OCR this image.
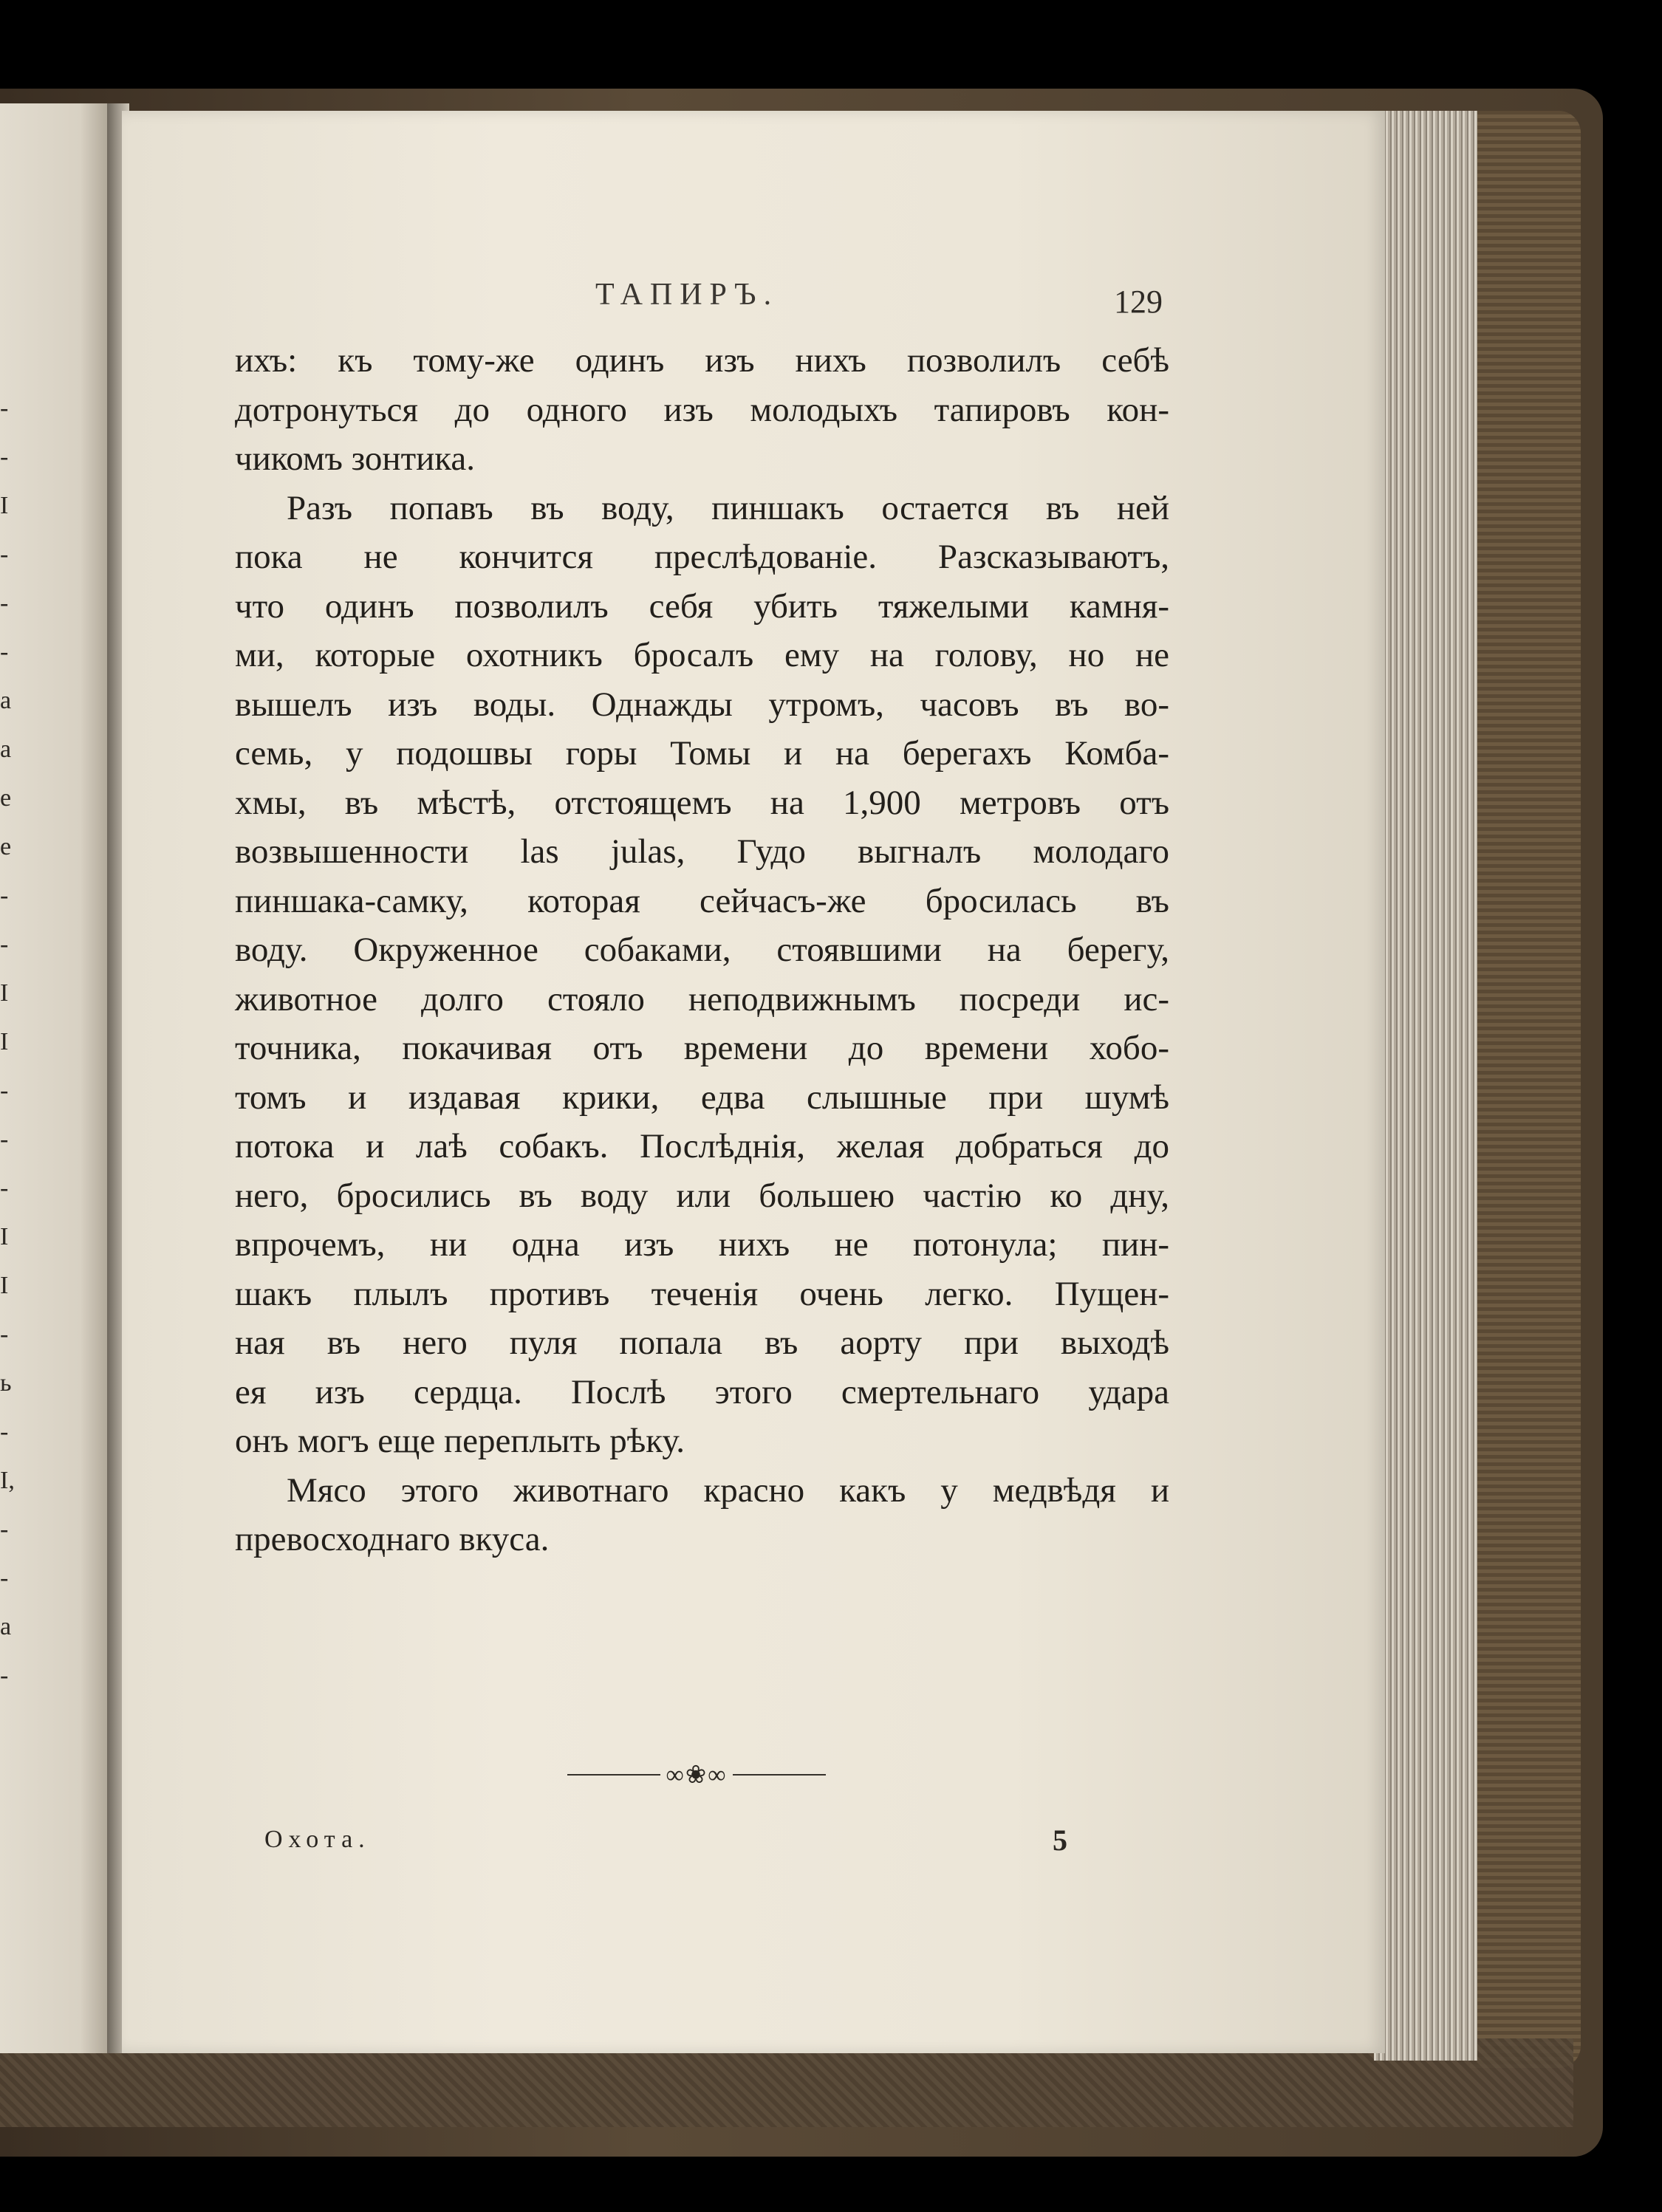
-
-
I
-
-
-
а
а
е
е
-
-
I
I
-
-
-
I
I
-
ь
-
I,
-
-
а
-
ТАПИРЪ.	129
ихъ: къ тому-же одинъ изъ нихъ позволилъ себѣ
дотронуться до одного изъ молодыхъ тапировъ кон-
чикомъ зонтика.
Разъ попавъ въ воду, пиншакъ остается въ ней
пока не кончится преслѣдованіе. Разсказываютъ,
что одинъ позволилъ себя убить тяжелыми камня-
ми, которые охотникъ бросалъ ему на голову, но не
вышелъ изъ воды. Однажды утромъ, часовъ въ во-
семь, у подошвы горы Томы и на берегахъ Комба-
хмы, въ мѣстѣ, отстоящемъ на 1,900 метровъ отъ
возвышенности las julas, Гудо выгналъ молодаго
пиншака-самку, которая сейчасъ-же бросилась въ
воду. Окруженное собаками, стоявшими на берегу,
животное долго стояло неподвижнымъ посреди ис-
точника, покачивая отъ времени до времени хобо-
томъ и издавая крики, едва слышные при шумѣ
потока и лаѣ собакъ. Послѣднія, желая добраться до
него, бросились въ воду или большею частію ко дну,
впрочемъ, ни одна изъ нихъ не потонула; пин-
шакъ плылъ противъ теченія очень легко. Пущен-
ная въ него пуля попала въ аорту при выходѣ
ея изъ сердца. Послѣ этого смертельнаго удара
онъ могъ еще переплыть рѣку.
Мясо этого животнаго красно какъ у медвѣдя и
превосходнаго вкуса.
∞❀∞
Охота.	5
